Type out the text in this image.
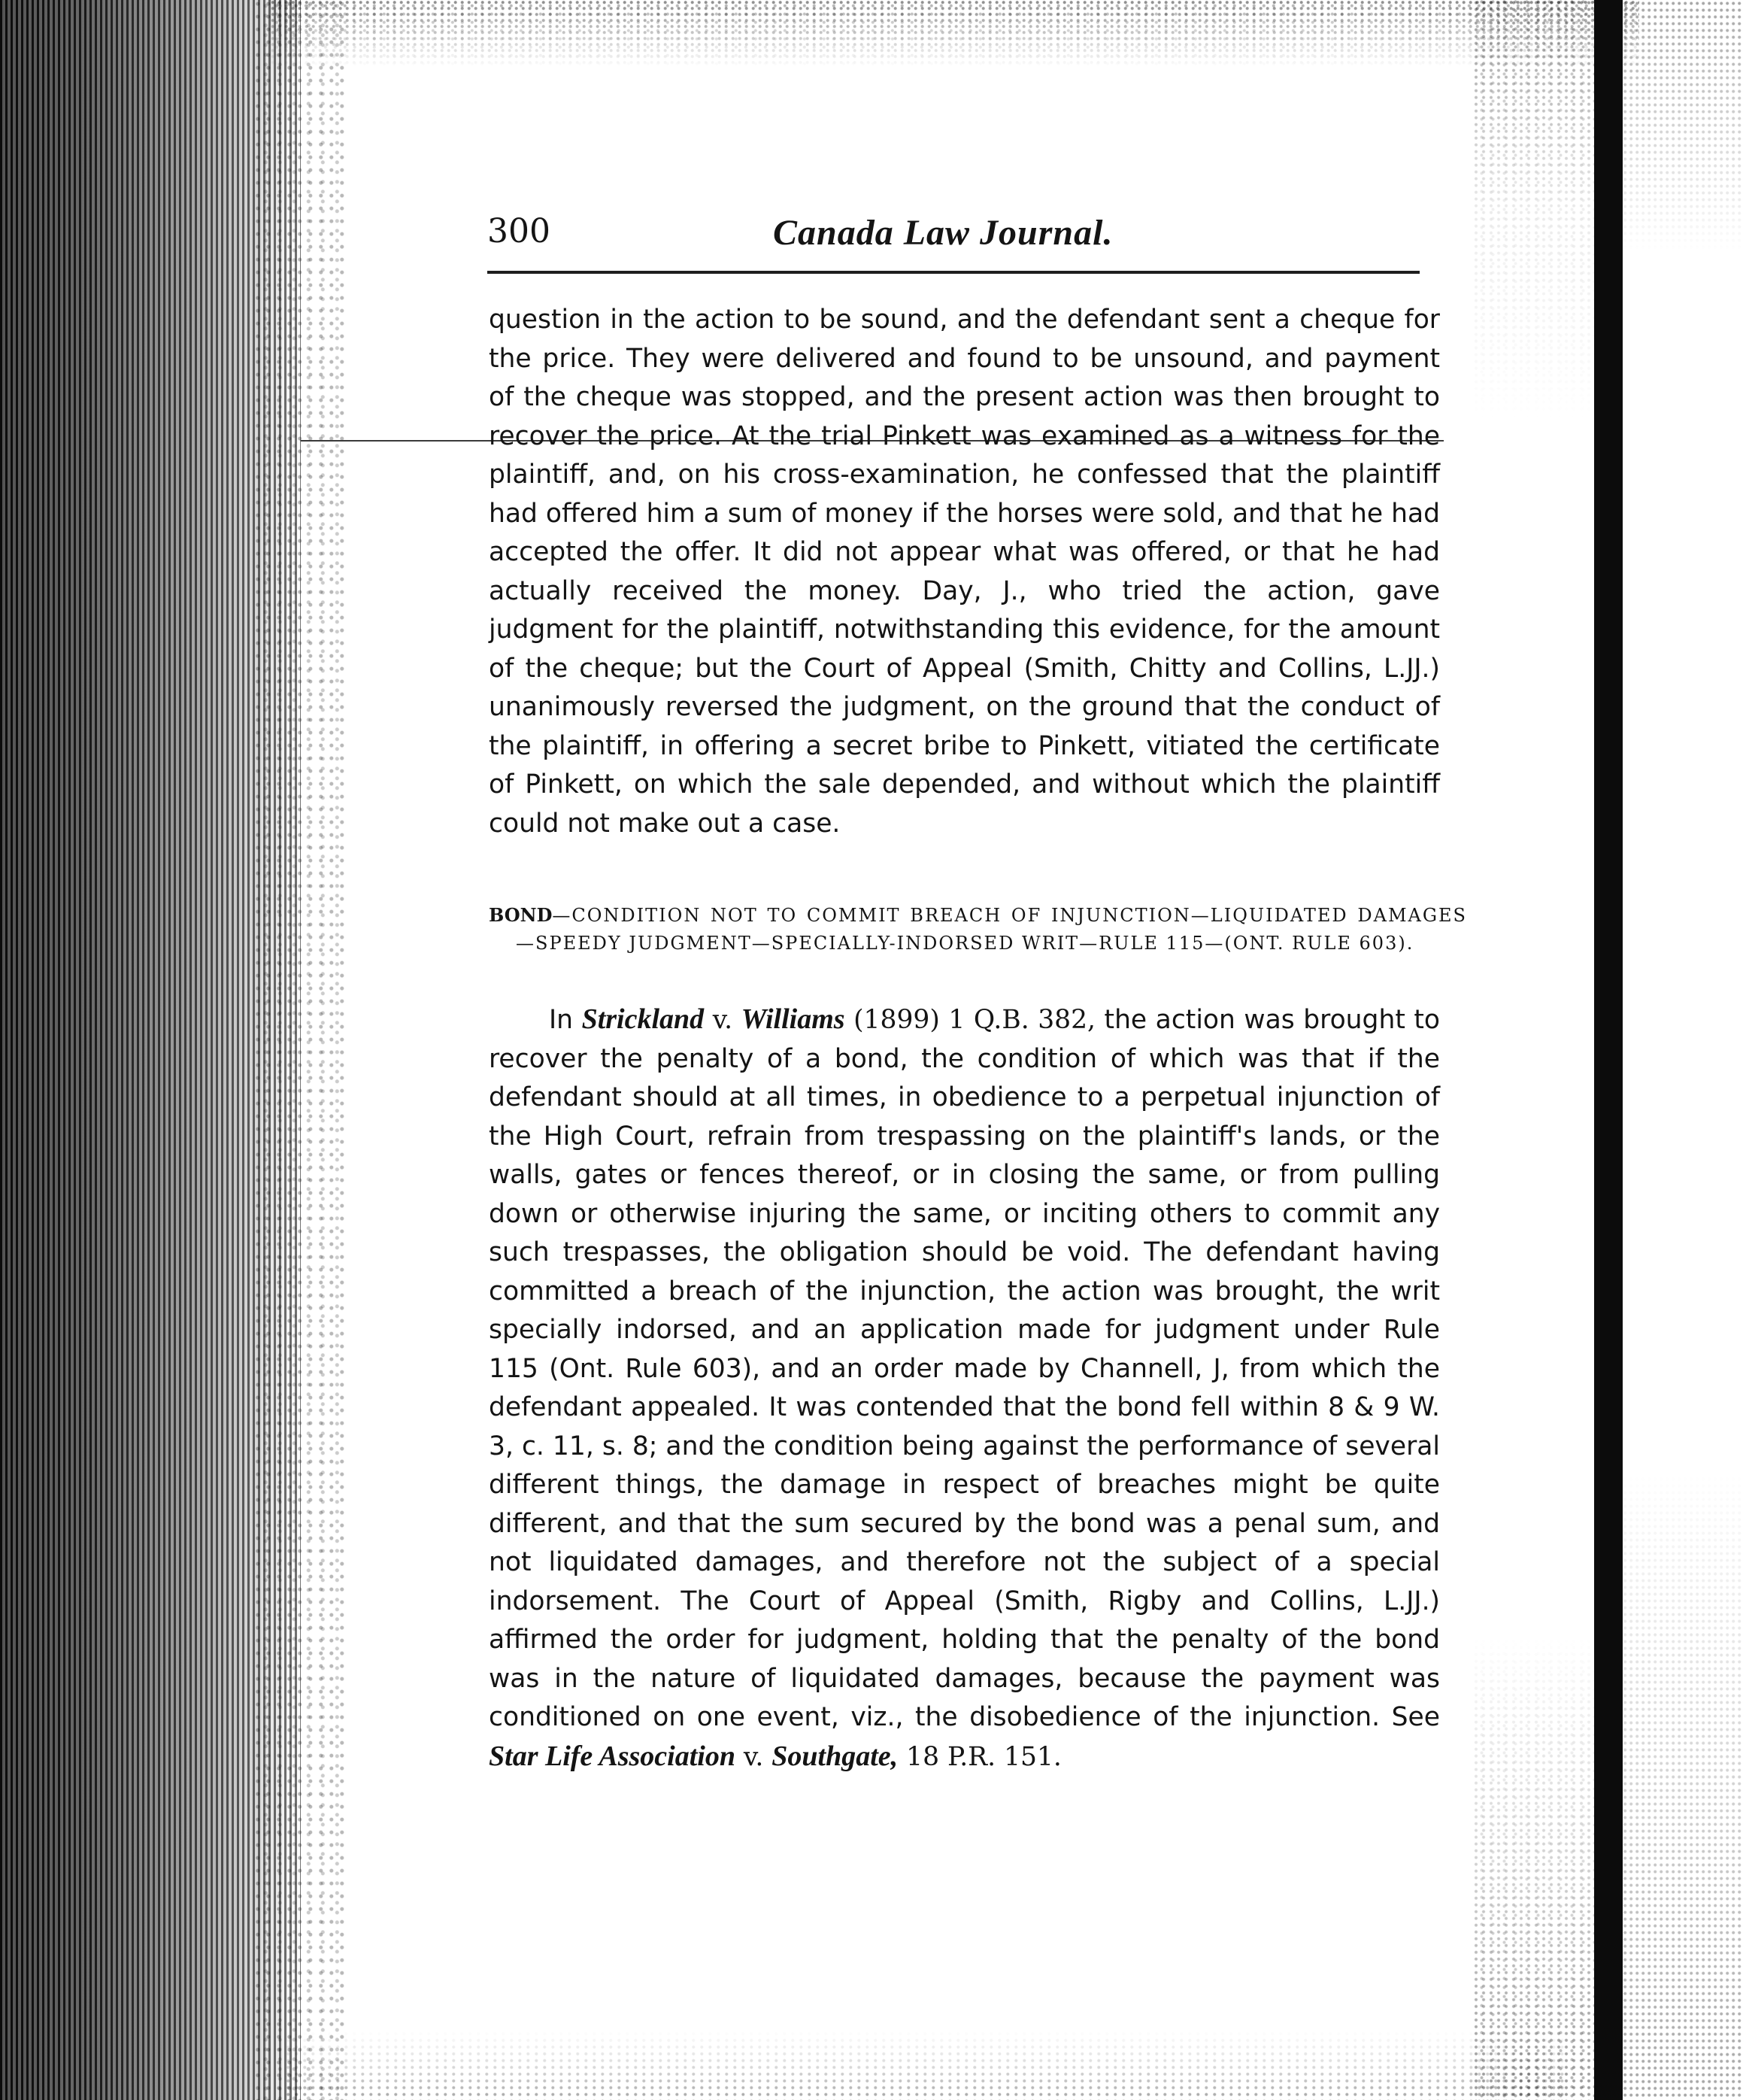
300	Canada Law Journal.

question in the action to be sound, and the defendant sent a cheque for the price. They were delivered and found to be unsound, and payment of the cheque was stopped, and the present action was then brought to recover the price. At the trial Pinkett was examined as a witness for the plaintiff, and, on his cross-examination, he confessed that the plaintiff had offered him a sum of money if the horses were sold, and that he had accepted the offer. It did not appear what was offered, or that he had actually received the money. Day, J., who tried the action, gave judgment for the plaintiff, notwithstanding this evidence, for the amount of the cheque; but the Court of Appeal (Smith, Chitty and Collins, L.JJ.) unanimously reversed the judgment, on the ground that the conduct of the plaintiff, in offering a secret bribe to Pinkett, vitiated the certificate of Pinkett, on which the sale depended, and without which the plaintiff could not make out a case.

BOND—CONDITION NOT TO COMMIT BREACH OF INJUNCTION—LIQUIDATED DAMAGES—SPEEDY JUDGMENT—SPECIALLY-INDORSED WRIT—RULE 115—(ONT. RULE 603).

In Strickland v. Williams (1899) 1 Q.B. 382, the action was brought to recover the penalty of a bond, the condition of which was that if the defendant should at all times, in obedience to a perpetual injunction of the High Court, refrain from trespassing on the plaintiff's lands, or the walls, gates or fences thereof, or in closing the same, or from pulling down or otherwise injuring the same, or inciting others to commit any such trespasses, the obligation should be void. The defendant having committed a breach of the injunction, the action was brought, the writ specially indorsed, and an application made for judgment under Rule 115 (Ont. Rule 603), and an order made by Channell, J, from which the defendant appealed. It was contended that the bond fell within 8 & 9 W. 3, c. 11, s. 8; and the condition being against the performance of several different things, the damage in respect of breaches might be quite different, and that the sum secured by the bond was a penal sum, and not liquidated damages, and therefore not the subject of a special indorsement. The Court of Appeal (Smith, Rigby and Collins, L.JJ.) affirmed the order for judgment, holding that the penalty of the bond was in the nature of liquidated damages, because the payment was conditioned on one event, viz., the disobedience of the injunction. See Star Life Association v. Southgate, 18 P.R. 151.
